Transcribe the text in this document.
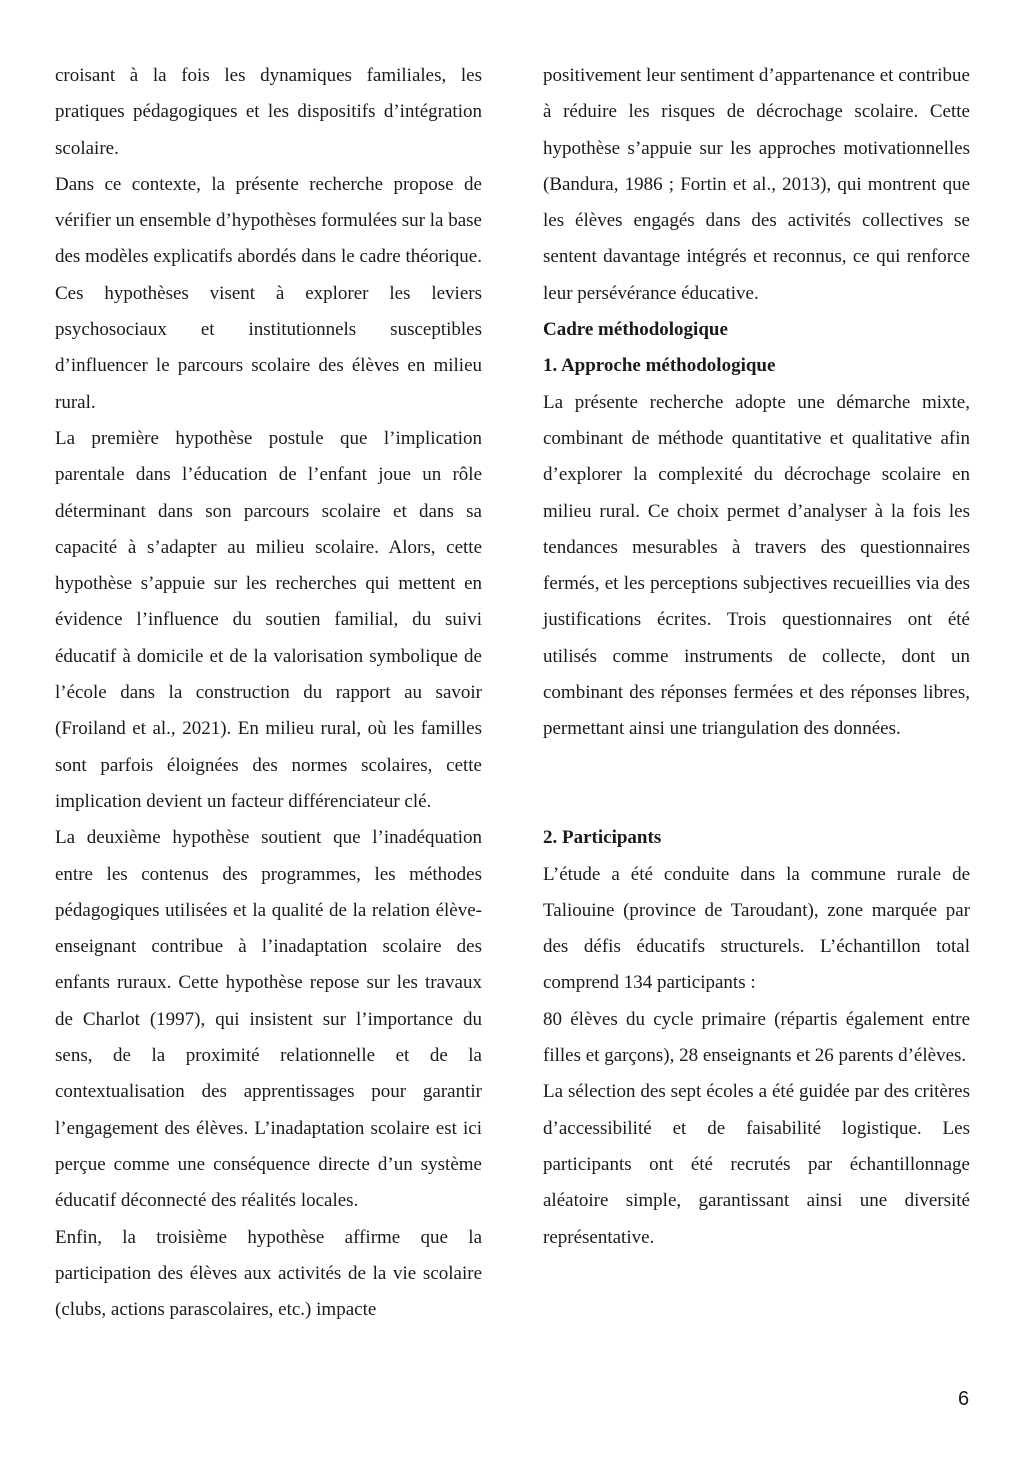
croisant à la fois les dynamiques familiales, les pratiques pédagogiques et les dispositifs d’intégration scolaire.

Dans ce contexte, la présente recherche propose de vérifier un ensemble d’hypothèses formulées sur la base des modèles explicatifs abordés dans le cadre théorique. Ces hypothèses visent à explorer les leviers psychosociaux et institutionnels susceptibles d’influencer le parcours scolaire des élèves en milieu rural.

La première hypothèse postule que l’implication parentale dans l’éducation de l’enfant joue un rôle déterminant dans son parcours scolaire et dans sa capacité à s’adapter au milieu scolaire. Alors, cette hypothèse s’appuie sur les recherches qui mettent en évidence l’influence du soutien familial, du suivi éducatif à domicile et de la valorisation symbolique de l’école dans la construction du rapport au savoir (Froiland et al., 2021). En milieu rural, où les familles sont parfois éloignées des normes scolaires, cette implication devient un facteur différenciateur clé.

La deuxième hypothèse soutient que l’inadéquation entre les contenus des programmes, les méthodes pédagogiques utilisées et la qualité de la relation élève-enseignant contribue à l’inadaptation scolaire des enfants ruraux. Cette hypothèse repose sur les travaux de Charlot (1997), qui insistent sur l’importance du sens, de la proximité relationnelle et de la contextualisation des apprentissages pour garantir l’engagement des élèves. L’inadaptation scolaire est ici perçue comme une conséquence directe d’un système éducatif déconnecté des réalités locales.

Enfin, la troisième hypothèse affirme que la participation des élèves aux activités de la vie scolaire (clubs, actions parascolaires, etc.) impacte

positivement leur sentiment d’appartenance et contribue à réduire les risques de décrochage scolaire. Cette hypothèse s’appuie sur les approches motivationnelles (Bandura, 1986 ; Fortin et al., 2013), qui montrent que les élèves engagés dans des activités collectives se sentent davantage intégrés et reconnus, ce qui renforce leur persévérance éducative.

Cadre méthodologique

1. Approche méthodologique

La présente recherche adopte une démarche mixte, combinant de méthode quantitative et qualitative afin d’explorer la complexité du décrochage scolaire en milieu rural. Ce choix permet d’analyser à la fois les tendances mesurables à travers des questionnaires fermés, et les perceptions subjectives recueillies via des justifications écrites. Trois questionnaires ont été utilisés comme instruments de collecte, dont un combinant des réponses fermées et des réponses libres, permettant ainsi une triangulation des données.

2. Participants

L’étude a été conduite dans la commune rurale de Taliouine (province de Taroudant), zone marquée par des défis éducatifs structurels. L’échantillon total comprend 134 participants :

80 élèves du cycle primaire (répartis également entre filles et garçons), 28 enseignants et 26 parents d’élèves.

La sélection des sept écoles a été guidée par des critères d’accessibilité et de faisabilité logistique. Les participants ont été recrutés par échantillonnage aléatoire simple, garantissant ainsi une diversité représentative.

6
